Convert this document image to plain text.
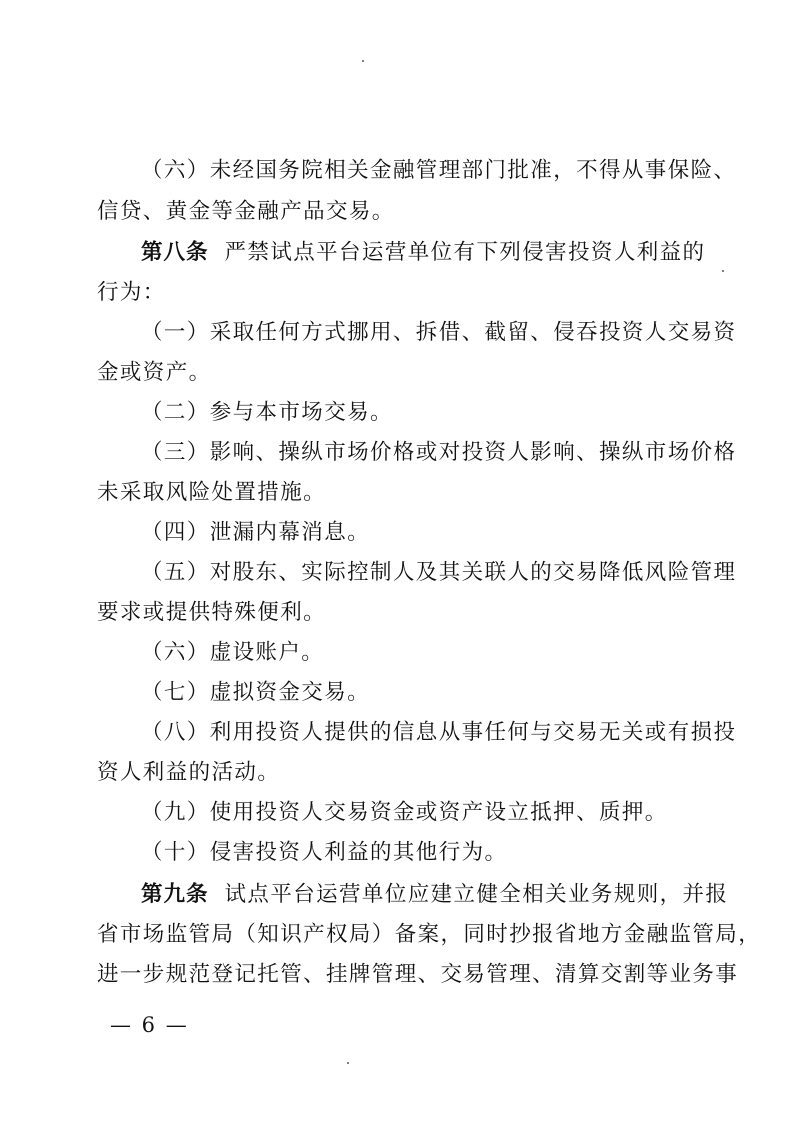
（六）未经国务院相关金融管理部门批准，不得从事保险、
信贷、黄金等金融产品交易。
第八条 严禁试点平台运营单位有下列侵害投资人利益的
行为：
（一）采取任何方式挪用、拆借、截留、侵吞投资人交易资
金或资产。
（二）参与本市场交易。
（三）影响、操纵市场价格或对投资人影响、操纵市场价格
未采取风险处置措施。
（四）泄漏内幕消息。
（五）对股东、实际控制人及其关联人的交易降低风险管理
要求或提供特殊便利。
（六）虚设账户。
（七）虚拟资金交易。
（八）利用投资人提供的信息从事任何与交易无关或有损投
资人利益的活动。
（九）使用投资人交易资金或资产设立抵押、质押。
（十）侵害投资人利益的其他行为。
第九条 试点平台运营单位应建立健全相关业务规则，并报
省市场监管局（知识产权局）备案，同时抄报省地方金融监管局，
进一步规范登记托管、挂牌管理、交易管理、清算交割等业务事
— 6 —
